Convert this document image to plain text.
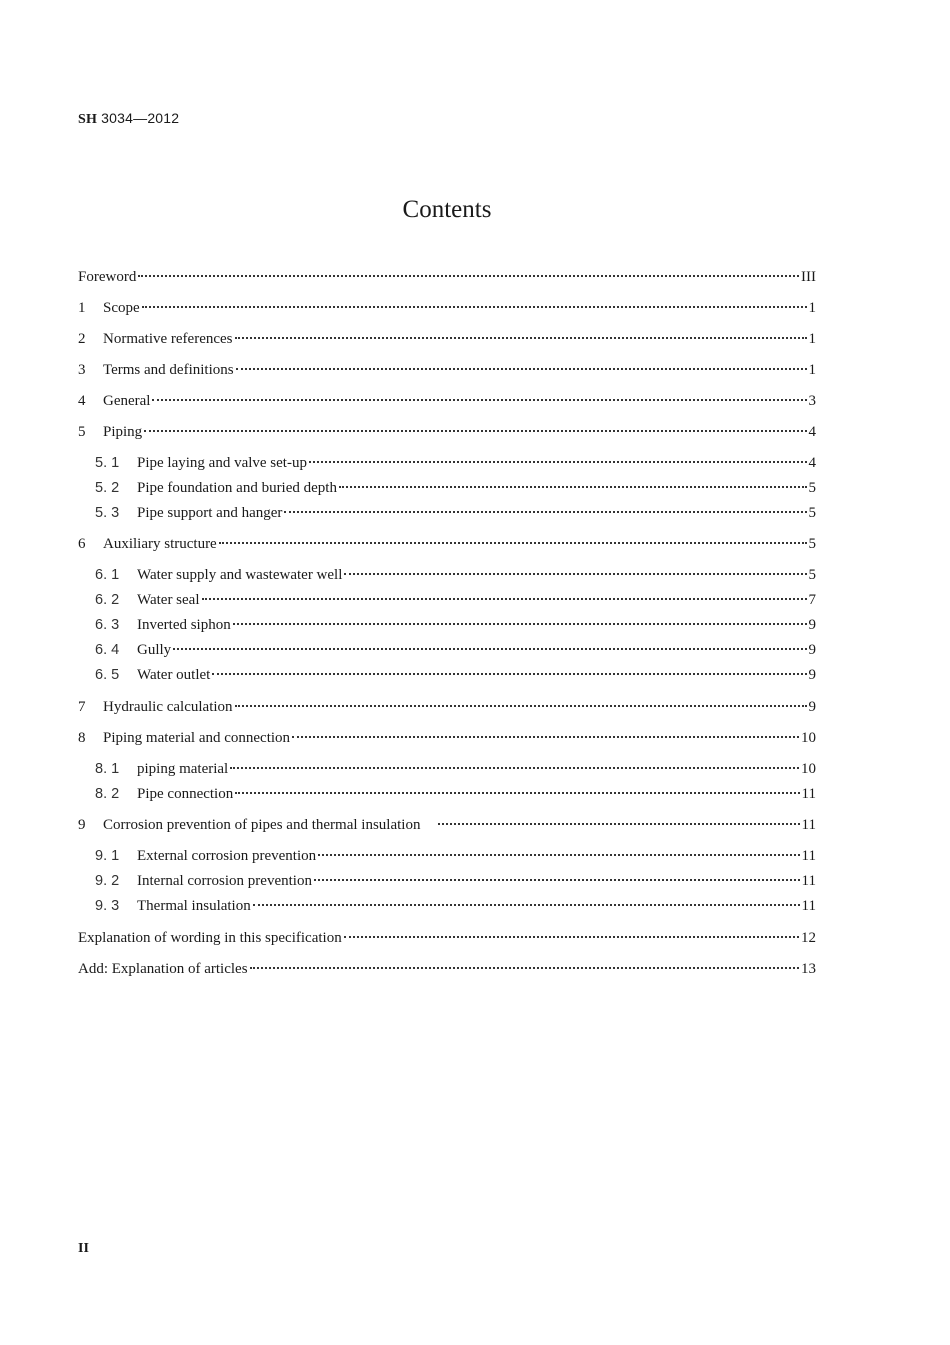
SH 3034—2012
Contents
Foreword	III
1	Scope	1
2	Normative references	1
3	Terms and definitions	1
4	General	3
5	Piping	4
5. 1	Pipe laying and valve set-up	4
5. 2	Pipe foundation and buried depth	5
5. 3	Pipe support and hanger	5
6	Auxiliary structure	5
6. 1	Water supply and wastewater well	5
6. 2	Water seal	7
6. 3	Inverted siphon	9
6. 4	Gully	9
6. 5	Water outlet	9
7	Hydraulic calculation	9
8	Piping material and connection	10
8. 1	piping material	10
8. 2	Pipe connection	11
9	Corrosion prevention of pipes and thermal insulation	11
9. 1	External corrosion prevention	11
9. 2	Internal corrosion prevention	11
9. 3	Thermal insulation	11
Explanation of wording in this specification	12
Add: Explanation of articles	13
II
